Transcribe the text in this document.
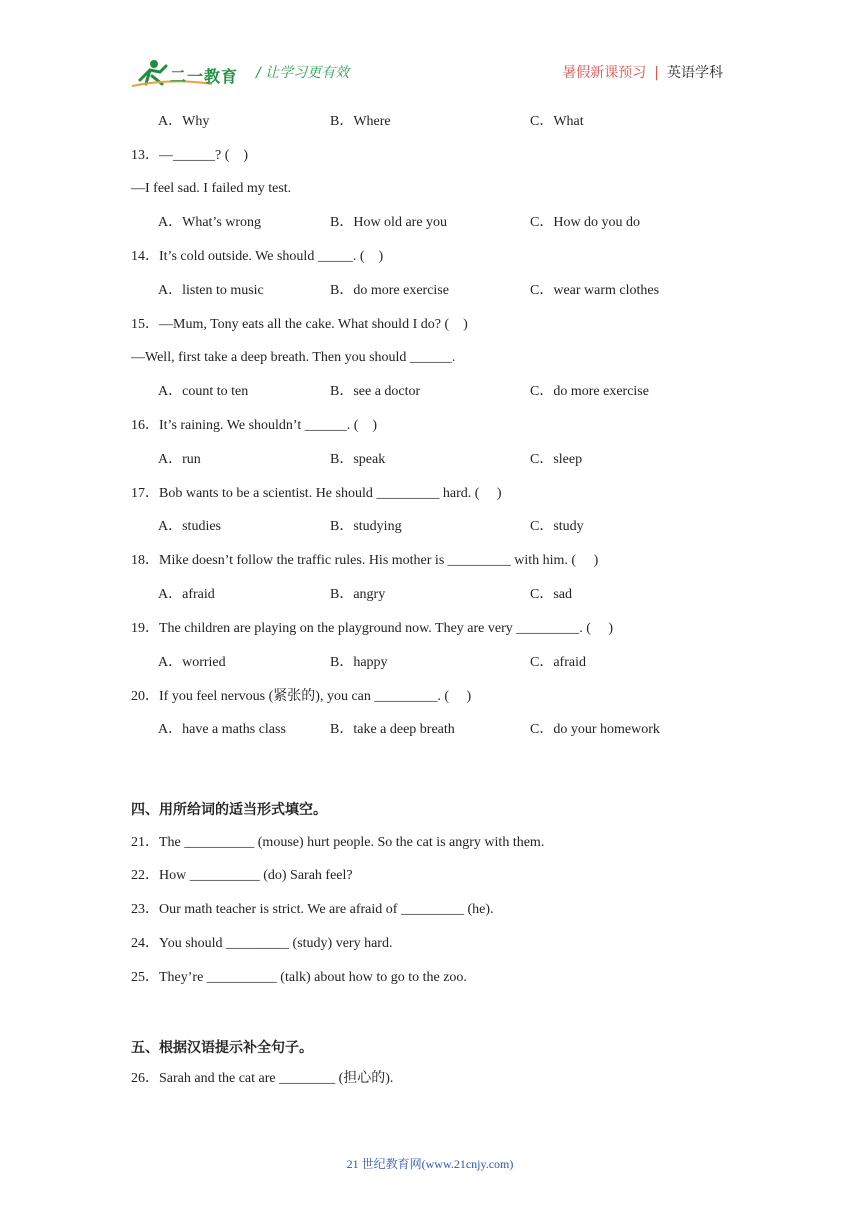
二一教育 / 让学习更有效	暑假新课预习 | 英语学科
A．Why	B．Where	C．What
13．—______? (　)
—I feel sad. I failed my test.
A．What’s wrong	B．How old are you	C．How do you do
14．It’s cold outside. We should _____. (　)
A．listen to music	B．do more exercise	C．wear warm clothes
15．—Mum, Tony eats all the cake. What should I do? (　)
—Well, first take a deep breath. Then you should ______.
A．count to ten	B．see a doctor	C．do more exercise
16．It’s raining. We shouldn’t ______. (　)
A．run	B．speak	C．sleep
17．Bob wants to be a scientist. He should _________ hard. (　 )
A．studies	B．studying	C．study
18．Mike doesn’t follow the traffic rules. His mother is _________ with him. (　 )
A．afraid	B．angry	C．sad
19．The children are playing on the playground now. They are very _________. (　 )
A．worried	B．happy	C．afraid
20．If you feel nervous (紧张的), you can _________. (　 )
A．have a maths class	B．take a deep breath	C．do your homework
四、用所给词的适当形式填空。
21．The __________ (mouse) hurt people. So the cat is angry with them.
22．How __________ (do) Sarah feel?
23．Our math teacher is strict. We are afraid of _________ (he).
24．You should _________ (study) very hard.
25．They’re __________ (talk) about how to go to the zoo.
五、根据汉语提示补全句子。
26．Sarah and the cat are ________ (担心的).
21 世纪教育网(www.21cnjy.com)
